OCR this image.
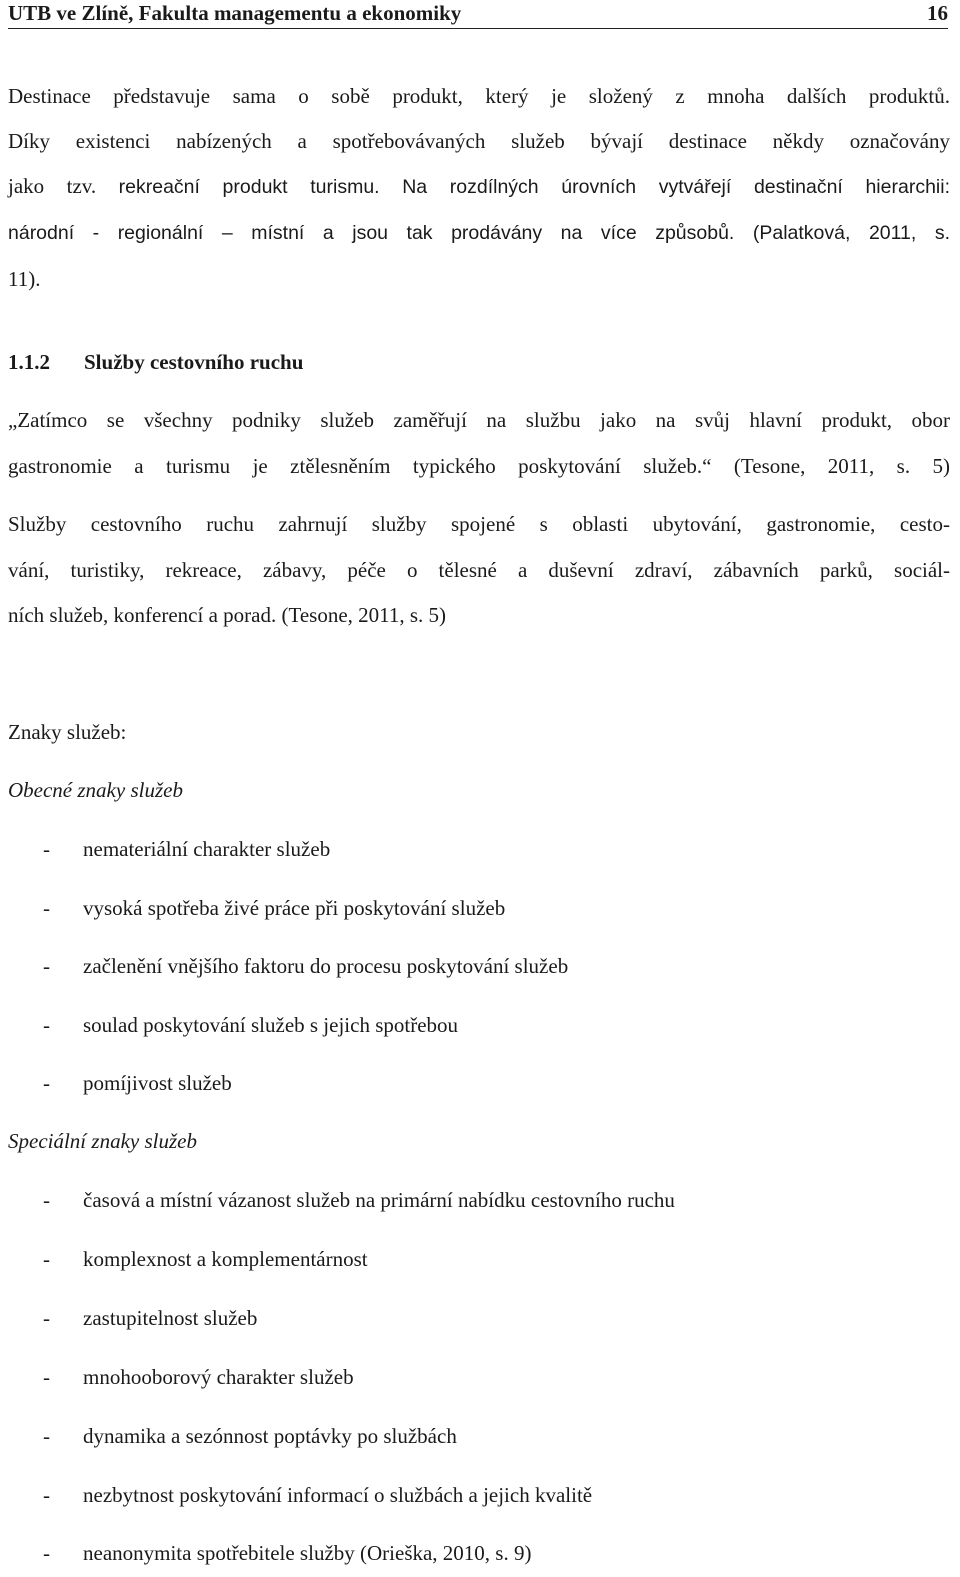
UTB ve Zlíně, Fakulta managementu a ekonomiky	16
Destinace představuje sama o sobě produkt, který je složený z mnoha dalších produktů.
Díky existenci nabízených a spotřebovávaných služeb bývají destinace někdy označovány
jako tzv. rekreační produkt turismu. Na rozdílných úrovních vytvářejí destinační hierarchii:
národní - regionální – místní a jsou tak prodávány na více způsobů. (Palatková, 2011, s.
11).
1.1.2 Služby cestovního ruchu
„Zatímco se všechny podniky služeb zaměřují na službu jako na svůj hlavní produkt, obor
gastronomie a turismu je ztělesněním typického poskytování služeb.“ (Tesone, 2011, s. 5)
Služby cestovního ruchu zahrnují služby spojené s oblasti ubytování, gastronomie, cesto-
vání, turistiky, rekreace, zábavy, péče o tělesné a duševní zdraví, zábavních parků, sociál-
ních služeb, konferencí a porad. (Tesone, 2011, s. 5)
Znaky služeb:
Obecné znaky služeb
- nemateriální charakter služeb
- vysoká spotřeba živé práce při poskytování služeb
- začlenění vnějšího faktoru do procesu poskytování služeb
- soulad poskytování služeb s jejich spotřebou
- pomíjivost služeb
Speciální znaky služeb
- časová a místní vázanost služeb na primární nabídku cestovního ruchu
- komplexnost a komplementárnost
- zastupitelnost služeb
- mnohooborový charakter služeb
- dynamika a sezónnost poptávky po službách
- nezbytnost poskytování informací o službách a jejich kvalitě
- neanonymita spotřebitele služby (Orieška, 2010, s. 9)
